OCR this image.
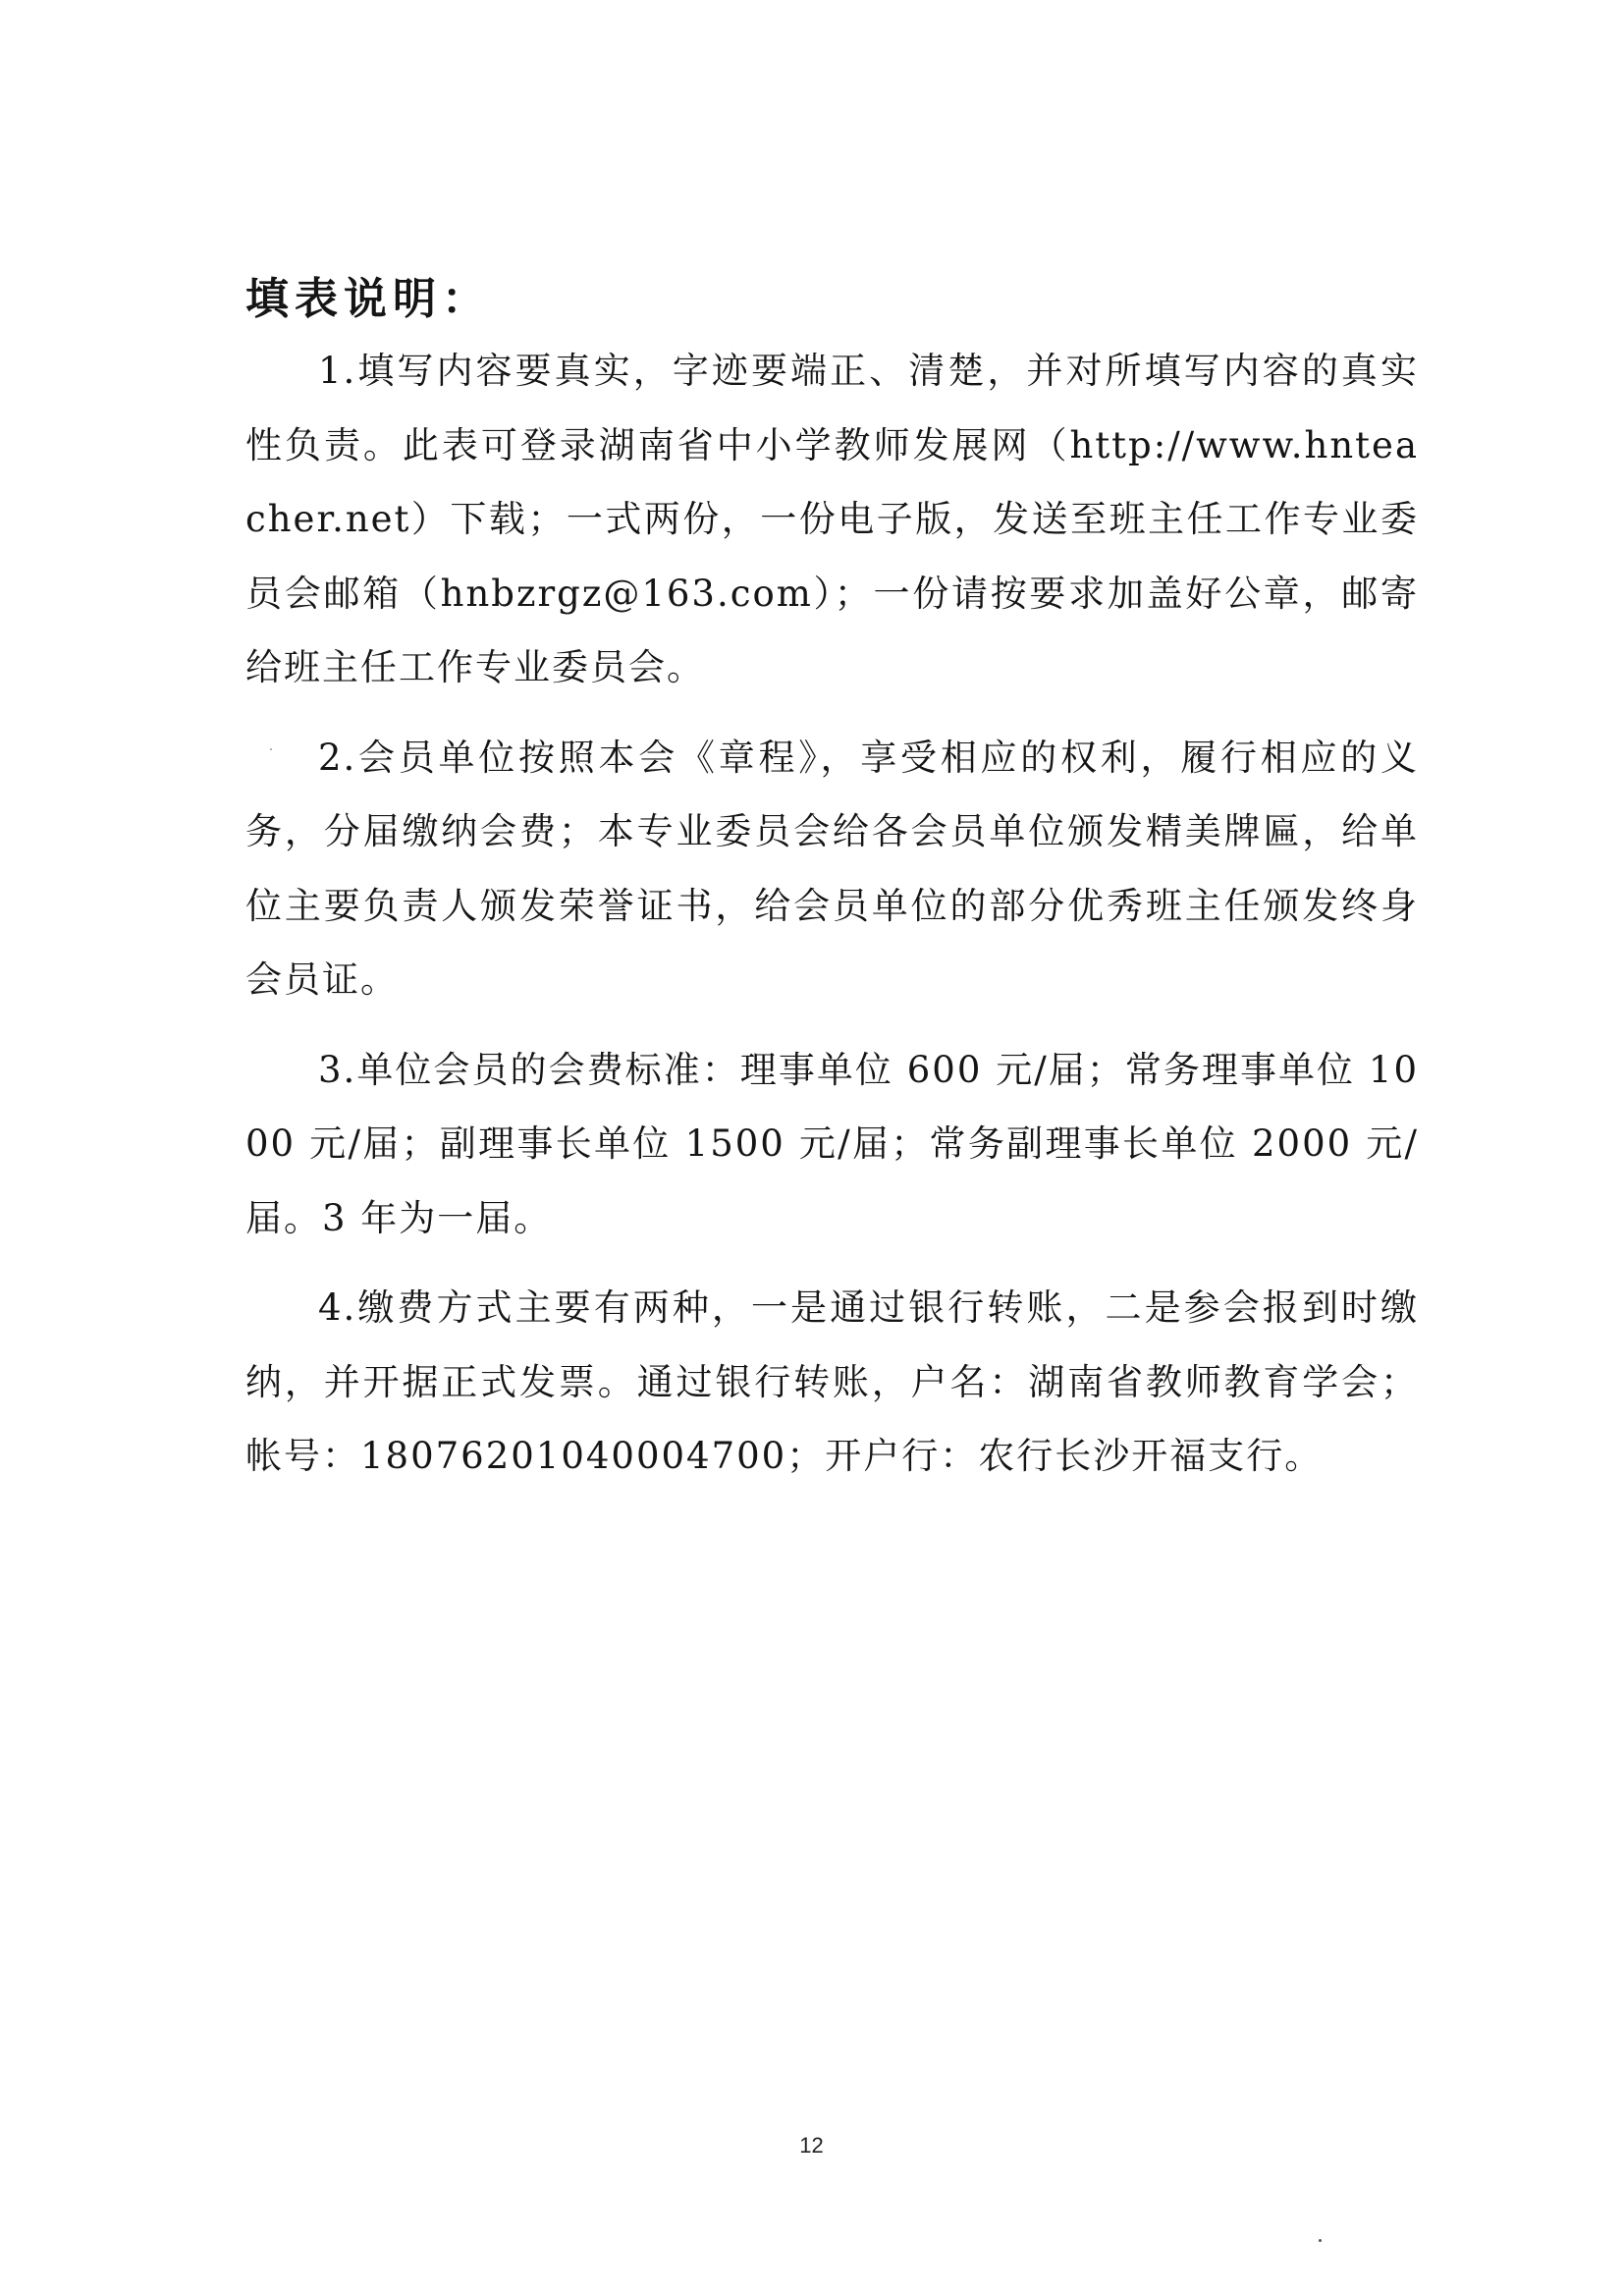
填表说明：

1.填写内容要真实，字迹要端正、清楚，并对所填写内容的真实性负责。此表可登录湖南省中小学教师发展网（http://www.hnteacher.net）下载；一式两份，一份电子版，发送至班主任工作专业委员会邮箱（hnbzrgz@163.com）；一份请按要求加盖好公章，邮寄给班主任工作专业委员会。

2.会员单位按照本会《章程》，享受相应的权利，履行相应的义务，分届缴纳会费；本专业委员会给各会员单位颁发精美牌匾，给单位主要负责人颁发荣誉证书，给会员单位的部分优秀班主任颁发终身会员证。

3.单位会员的会费标准：理事单位 600 元/届；常务理事单位 1000 元/届；副理事长单位 1500 元/届；常务副理事长单位 2000 元/届。3 年为一届。

4.缴费方式主要有两种，一是通过银行转账，二是参会报到时缴纳，并开据正式发票。通过银行转账，户名：湖南省教师教育学会；帐号：18076201040004700；开户行：农行长沙开福支行。

12
